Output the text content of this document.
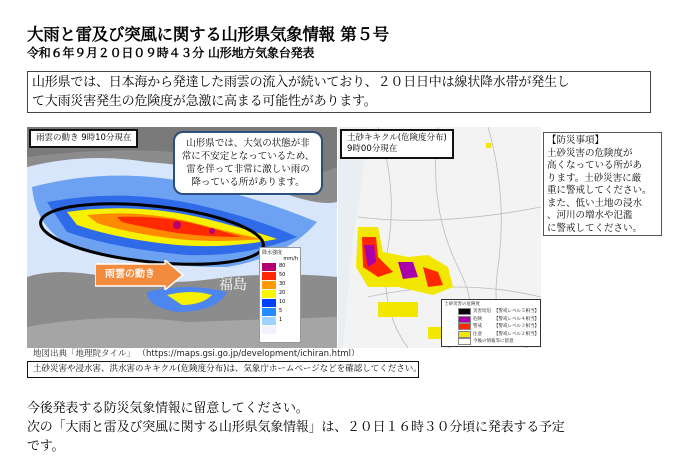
大雨と雷及び突風に関する山形県気象情報 第５号
令和６年９月２０日０９時４３分 山形地方気象台発表
山形県では、日本海から発達した雨雲の流入が続いており、２０日日中は線状降水帯が発生し
て大雨災害発生の危険度が急激に高まる可能性があります。
雨雲の動き 9時10分現在	山形県では、大気の状態が非
常に不安定となっているため、
雷を伴って非常に激しい雨の
降っている所があります。
雨雲の動き
福島
降水強度
mm/h
80
50
30
20
10
5
1
土砂キキクル(危険度分布)
9時00分現在
土砂災害の危険度
災害切迫 【警戒レベル５相当】
危険	【警戒レベル４相当】
警戒	【警戒レベル３相当】
注意	【警戒レベル２相当】
今後の情報等に留意
【防災事項】
土砂災害の危険度が
高くなっている所があ
ります。土砂災害に厳
重に警戒してください。
また、低い土地の浸水
、河川の増水や氾濫
に警戒してください。
地図出典「地理院タイル」 （https://maps.gsi.go.jp/development/ichiran.html）
土砂災害や浸水害、洪水害のキキクル(危険度分布)は、気象庁ホームページなどを確認してください。
今後発表する防災気象情報に留意してください。
次の「大雨と雷及び突風に関する山形県気象情報」は、２０日１６時３０分頃に発表する予定
です。
